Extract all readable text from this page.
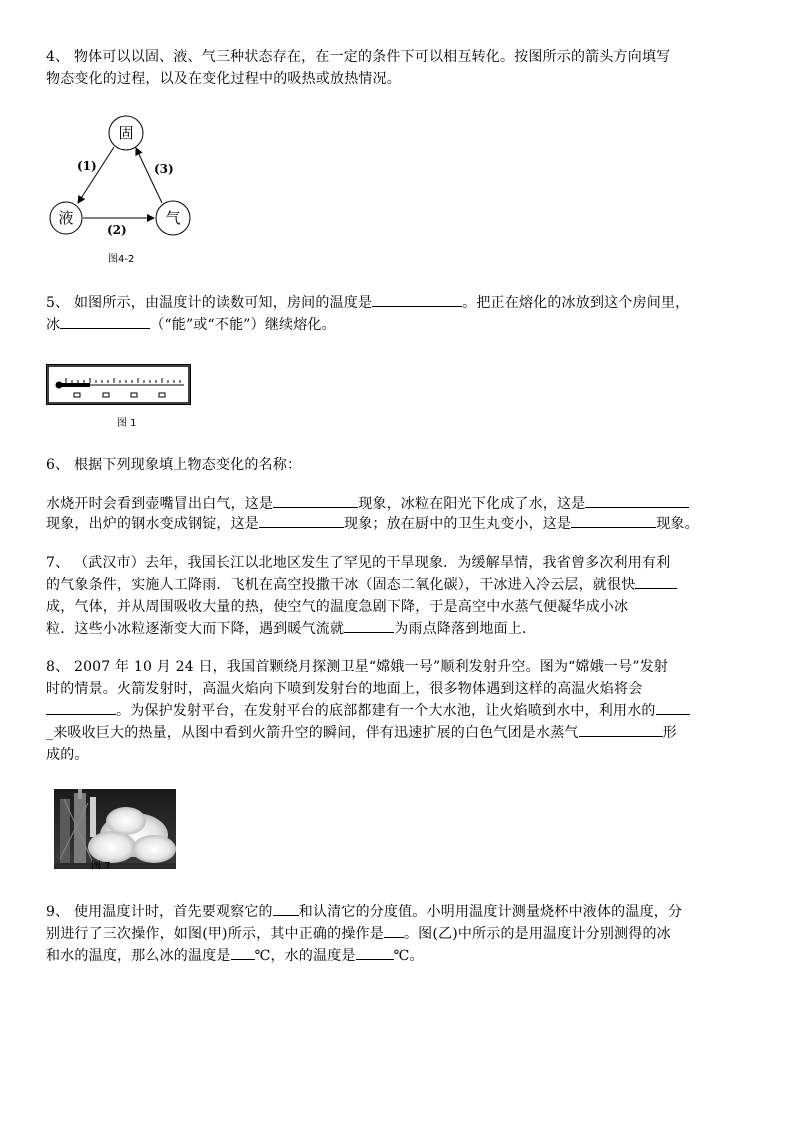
4、 物体可以以固、液、气三种状态存在，在一定的条件下可以相互转化。按图所示的箭头方向填写
物态变化的过程，以及在变化过程中的吸热或放热情况。
固
液	气
(1)
(2)
(3)
图4-2
5、 如图所示，由温度计的读数可知，房间的温度是	。把正在熔化的冰放到这个房间里，
冰	（“能”或“不能”）继续熔化。
图 1
6、 根据下列现象填上物态变化的名称：
水烧开时会看到壶嘴冒出白气，这是	现象，冰粒在阳光下化成了水，这是
现象，出炉的钢水变成钢锭，这是	现象；放在厨中的卫生丸变小，这是	现象。
7、 （武汉市）去年，我国长江以北地区发生了罕见的干旱现象．为缓解旱情，我省曾多次利用有利
的气象条件，实施人工降雨．飞机在高空投撒干冰（固态二氧化碳），干冰进入冷云层，就很快
成，气体，并从周围吸收大量的热，使空气的温度急剧下降，于是高空中水蒸气便凝华成小冰
粒．这些小冰粒逐渐变大而下降，遇到暖气流就	为雨点降落到地面上．
8、 2007 年 10 月 24 日，我国首颗绕月探测卫星“嫦娥一号”顺利发射升空。图为“嫦娥一号”发射
时的情景。火箭发射时，高温火焰向下喷到发射台的地面上，很多物体遇到这样的高温火焰将会
。为保护发射平台，在发射平台的底部都建有一个大水池，让火焰喷到水中，利用水的
_来吸收巨大的热量，从图中看到火箭升空的瞬间，伴有迅速扩展的白色气团是水蒸气	形
成的。
图 7
9、 使用温度计时，首先要观察它的 和认清它的分度值。小明用温度计测量烧杯中液体的温度，分
别进行了三次操作，如图(甲)所示，其中正确的操作是 。图(乙)中所示的是用温度计分别测得的冰
和水的温度，那么冰的温度是 ℃，水的温度是	℃。
